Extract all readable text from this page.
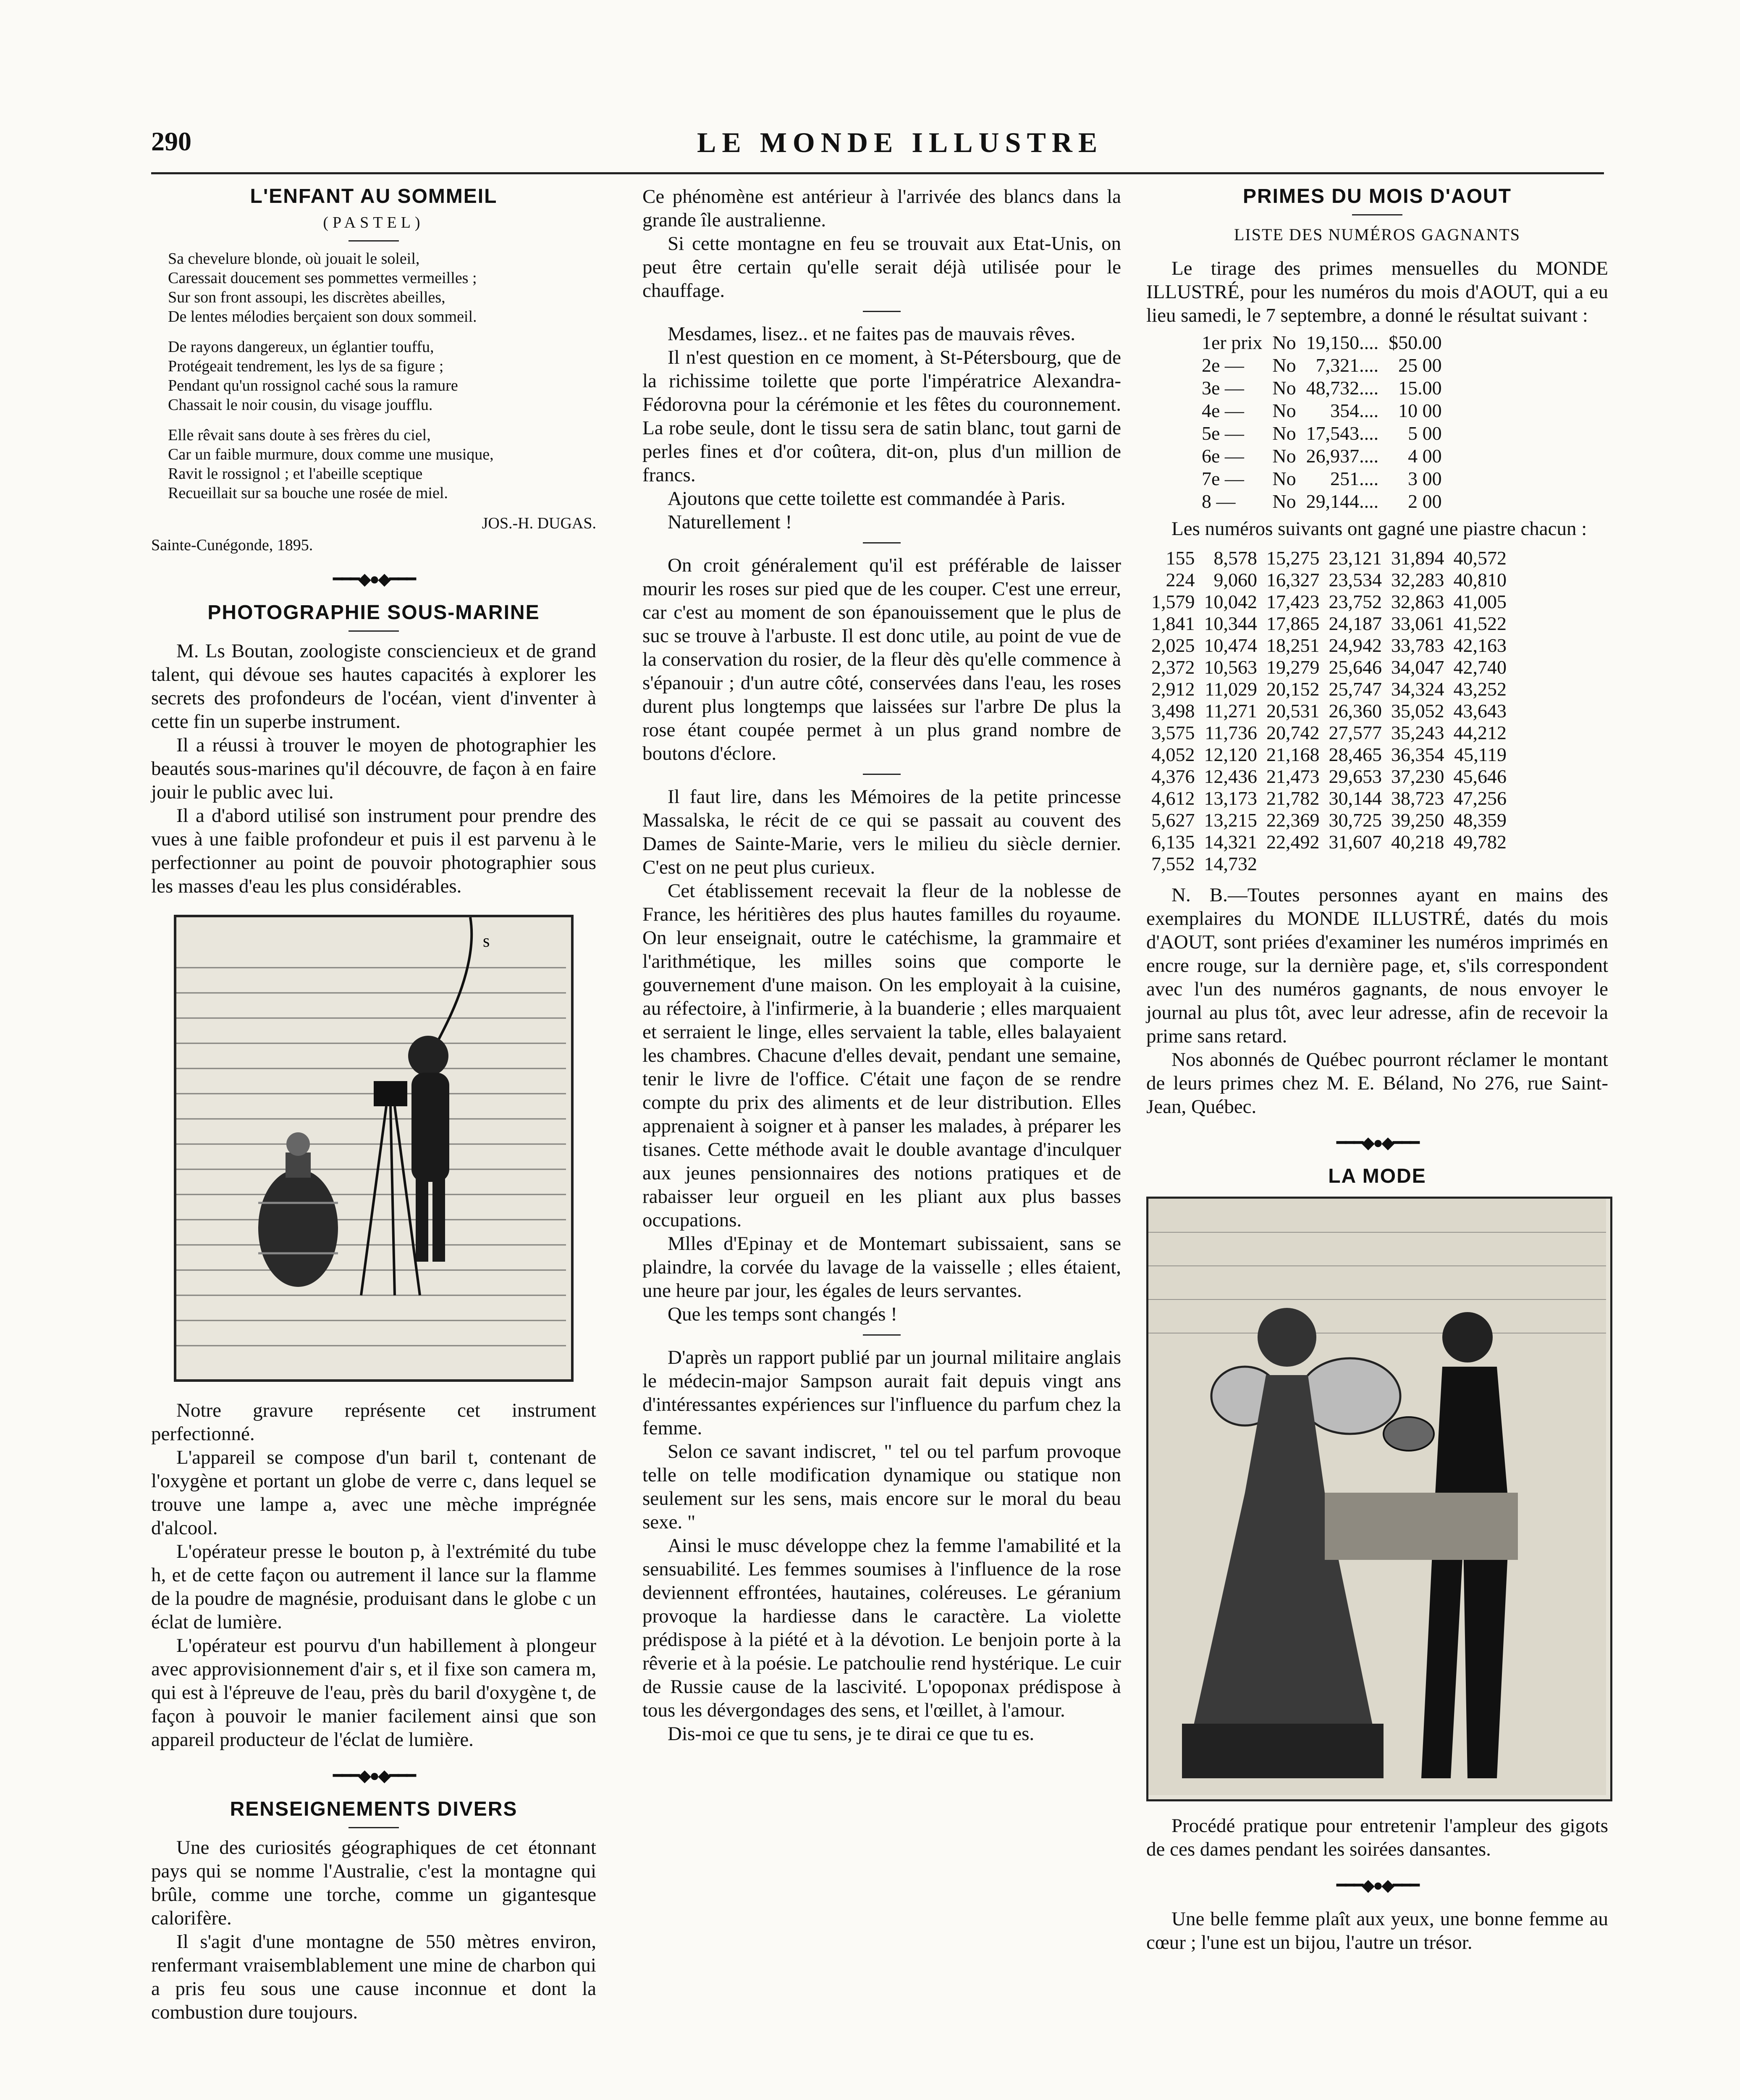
290	LE MONDE ILLUSTRE
L'ENFANT AU SOMMEIL
(PASTEL)
Sa chevelure blonde, où jouait le soleil,
Caressait doucement ses pommettes vermeilles ;
Sur son front assoupi, les discrètes abeilles,
De lentes mélodies berçaient son doux sommeil.
De rayons dangereux, un églantier touffu,
Protégeait tendrement, les lys de sa figure ;
Pendant qu'un rossignol caché sous la ramure
Chassait le noir cousin, du visage joufflu.
Elle rêvait sans doute à ses frères du ciel,
Car un faible murmure, doux comme une musique,
Ravit le rossignol ; et l'abeille sceptique
Recueillait sur sa bouche une rosée de miel.
JOS.-H. DUGAS.
Sainte-Cunégonde, 1895.
━━━◆●◆━━━
PHOTOGRAPHIE SOUS-MARINE

M. Ls Boutan, zoologiste consciencieux et de grand talent, qui dévoue ses hautes capacités à explorer les secrets des profondeurs de l'océan, vient d'inventer à cette fin un superbe instrument.

Il a réussi à trouver le moyen de photographier les beautés sous-marines qu'il découvre, de façon à en faire jouir le public avec lui.

Il a d'abord utilisé son instrument pour prendre des vues à une faible profondeur et puis il est parvenu à le perfectionner au point de pouvoir photographier sous les masses d'eau les plus considérables.

s

Notre gravure représente cet instrument perfectionné.

L'appareil se compose d'un baril t, contenant de l'oxygène et portant un globe de verre c, dans lequel se trouve une lampe a, avec une mèche imprégnée d'alcool.

L'opérateur presse le bouton p, à l'extrémité du tube h, et de cette façon ou autrement il lance sur la flamme de la poudre de magnésie, produisant dans le globe c un éclat de lumière.

L'opérateur est pourvu d'un habillement à plongeur avec approvisionnement d'air s, et il fixe son camera m, qui est à l'épreuve de l'eau, près du baril d'oxygène t, de façon à pouvoir le manier facilement ainsi que son appareil producteur de l'éclat de lumière.

━━━◆●◆━━━
RENSEIGNEMENTS DIVERS

Une des curiosités géographiques de cet étonnant pays qui se nomme l'Australie, c'est la montagne qui brûle, comme une torche, comme un gigantesque calorifère.

Il s'agit d'une montagne de 550 mètres environ, renfermant vraisemblablement une mine de charbon qui a pris feu sous une cause inconnue et dont la combustion dure toujours.

Ce phénomène est antérieur à l'arrivée des blancs dans la grande île australienne.

Si cette montagne en feu se trouvait aux Etat-Unis, on peut être certain qu'elle serait déjà utilisée pour le chauffage.

Mesdames, lisez.. et ne faites pas de mauvais rêves.

Il n'est question en ce moment, à St-Pétersbourg, que de la richissime toilette que porte l'impératrice Alexandra-Fédorovna pour la cérémonie et les fêtes du couronnement. La robe seule, dont le tissu sera de satin blanc, tout garni de perles fines et d'or coûtera, dit-on, plus d'un million de francs.

Ajoutons que cette toilette est commandée à Paris.

Naturellement !

On croit généralement qu'il est préférable de laisser mourir les roses sur pied que de les couper. C'est une erreur, car c'est au moment de son épanouissement que le plus de suc se trouve à l'arbuste. Il est donc utile, au point de vue de la conservation du rosier, de la fleur dès qu'elle commence à s'épanouir ; d'un autre côté, conservées dans l'eau, les roses durent plus longtemps que laissées sur l'arbre De plus la rose étant coupée permet à un plus grand nombre de boutons d'éclore.

Il faut lire, dans les Mémoires de la petite princesse Massalska, le récit de ce qui se passait au couvent des Dames de Sainte-Marie, vers le milieu du siècle dernier. C'est on ne peut plus curieux.

Cet établissement recevait la fleur de la noblesse de France, les héritières des plus hautes familles du royaume. On leur enseignait, outre le catéchisme, la grammaire et l'arithmétique, les milles soins que comporte le gouvernement d'une maison. On les employait à la cuisine, au réfectoire, à l'infirmerie, à la buanderie ; elles marquaient et serraient le linge, elles servaient la table, elles balayaient les chambres. Chacune d'elles devait, pendant une semaine, tenir le livre de l'office. C'était une façon de se rendre compte du prix des aliments et de leur distribution. Elles apprenaient à soigner et à panser les malades, à préparer les tisanes. Cette méthode avait le double avantage d'inculquer aux jeunes pensionnaires des notions pratiques et de rabaisser leur orgueil en les pliant aux plus basses occupations.

Mlles d'Epinay et de Montemart subissaient, sans se plaindre, la corvée du lavage de la vaisselle ; elles étaient, une heure par jour, les égales de leurs servantes.

Que les temps sont changés !

D'après un rapport publié par un journal militaire anglais le médecin-major Sampson aurait fait depuis vingt ans d'intéressantes expériences sur l'influence du parfum chez la femme.

Selon ce savant indiscret, " tel ou tel parfum provoque telle on telle modification dynamique ou statique non seulement sur les sens, mais encore sur le moral du beau sexe. "

Ainsi le musc développe chez la femme l'amabilité et la sensuabilité. Les femmes soumises à l'influence de la rose deviennent effrontées, hautaines, coléreuses. Le géranium provoque la hardiesse dans le caractère. La violette prédispose à la piété et à la dévotion. Le benjoin porte à la rêverie et à la poésie. Le patchoulie rend hystérique. Le cuir de Russie cause de la lascivité. L'opoponax prédispose à tous les dévergondages des sens, et l'œillet, à l'amour.

Dis-moi ce que tu sens, je te dirai ce que tu es.

PRIMES DU MOIS D'AOUT
LISTE DES NUMÉROS GAGNANTS

Le tirage des primes mensuelles du MONDE ILLUSTRÉ, pour les numéros du mois d'AOUT, qui a eu lieu samedi, le 7 septembre, a donné le résultat suivant :

1er prix	No	19,150....	$50.00
2e —	No	7,321....	25 00
3e —	No	48,732....	15.00
4e —	No	354....	10 00
5e —	No	17,543....	5 00
6e —	No	26,937....	4 00
7e —	No	251....	3 00
8 —	No	29,144....	2 00

Les numéros suivants ont gagné une piastre chacun :

155	8,578	15,275	23,121	31,894	40,572
224	9,060	16,327	23,534	32,283	40,810
1,579	10,042	17,423	23,752	32,863	41,005
1,841	10,344	17,865	24,187	33,061	41,522
2,025	10,474	18,251	24,942	33,783	42,163
2,372	10,563	19,279	25,646	34,047	42,740
2,912	11,029	20,152	25,747	34,324	43,252
3,498	11,271	20,531	26,360	35,052	43,643
3,575	11,736	20,742	27,577	35,243	44,212
4,052	12,120	21,168	28,465	36,354	45,119
4,376	12,436	21,473	29,653	37,230	45,646
4,612	13,173	21,782	30,144	38,723	47,256
5,627	13,215	22,369	30,725	39,250	48,359
6,135	14,321	22,492	31,607	40,218	49,782
7,552	14,732				

N. B.—Toutes personnes ayant en mains des exemplaires du MONDE ILLUSTRÉ, datés du mois d'AOUT, sont priées d'examiner les numéros imprimés en encre rouge, sur la dernière page, et, s'ils correspondent avec l'un des numéros gagnants, de nous envoyer le journal au plus tôt, avec leur adresse, afin de recevoir la prime sans retard.

Nos abonnés de Québec pourront réclamer le montant de leurs primes chez M. E. Béland, No 276, rue Saint-Jean, Québec.

━━━◆●◆━━━
LA MODE
Procédé pratique pour entretenir l'ampleur des gigots de ces dames pendant les soirées dansantes.
━━━◆●◆━━━

Une belle femme plaît aux yeux, une bonne femme au cœur ; l'une est un bijou, l'autre un trésor.
